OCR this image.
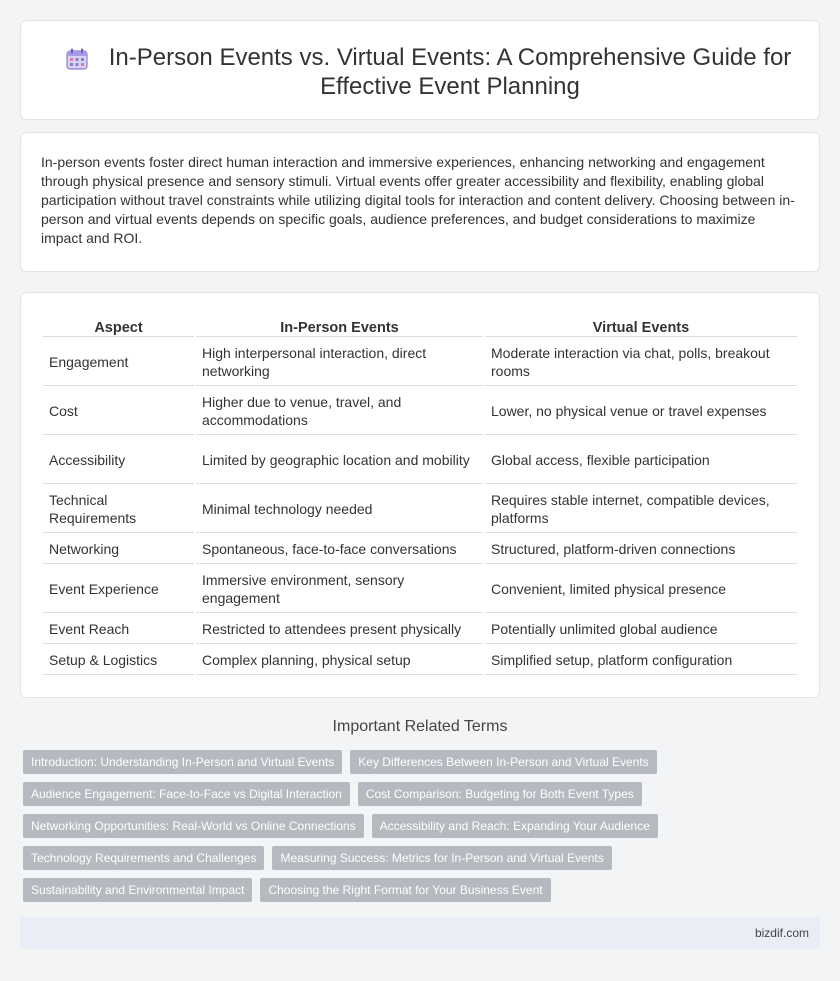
In-Person Events vs. Virtual Events: A Comprehensive Guide for Effective Event Planning

In-person events foster direct human interaction and immersive experiences, enhancing networking and engagement through physical presence and sensory stimuli. Virtual events offer greater accessibility and flexibility, enabling global participation without travel constraints while utilizing digital tools for interaction and content delivery. Choosing between in-person and virtual events depends on specific goals, audience preferences, and budget considerations to maximize impact and ROI.

Aspect	In-Person Events	Virtual Events
Engagement	High interpersonal interaction, direct networking	Moderate interaction via chat, polls, breakout rooms
Cost	Higher due to venue, travel, and accommodations	Lower, no physical venue or travel expenses
Accessibility	Limited by geographic location and mobility	Global access, flexible participation
Technical Requirements	Minimal technology needed	Requires stable internet, compatible devices, platforms
Networking	Spontaneous, face-to-face conversations	Structured, platform-driven connections
Event Experience	Immersive environment, sensory engagement	Convenient, limited physical presence
Event Reach	Restricted to attendees present physically	Potentially unlimited global audience
Setup & Logistics	Complex planning, physical setup	Simplified setup, platform configuration
Important Related Terms
Introduction: Understanding In-Person and Virtual Events	Key Differences Between In-Person and Virtual Events
Audience Engagement: Face-to-Face vs Digital Interaction	Cost Comparison: Budgeting for Both Event Types
Networking Opportunities: Real-World vs Online Connections	Accessibility and Reach: Expanding Your Audience
Technology Requirements and Challenges	Measuring Success: Metrics for In-Person and Virtual Events
Sustainability and Environmental Impact	Choosing the Right Format for Your Business Event
bizdif.com
